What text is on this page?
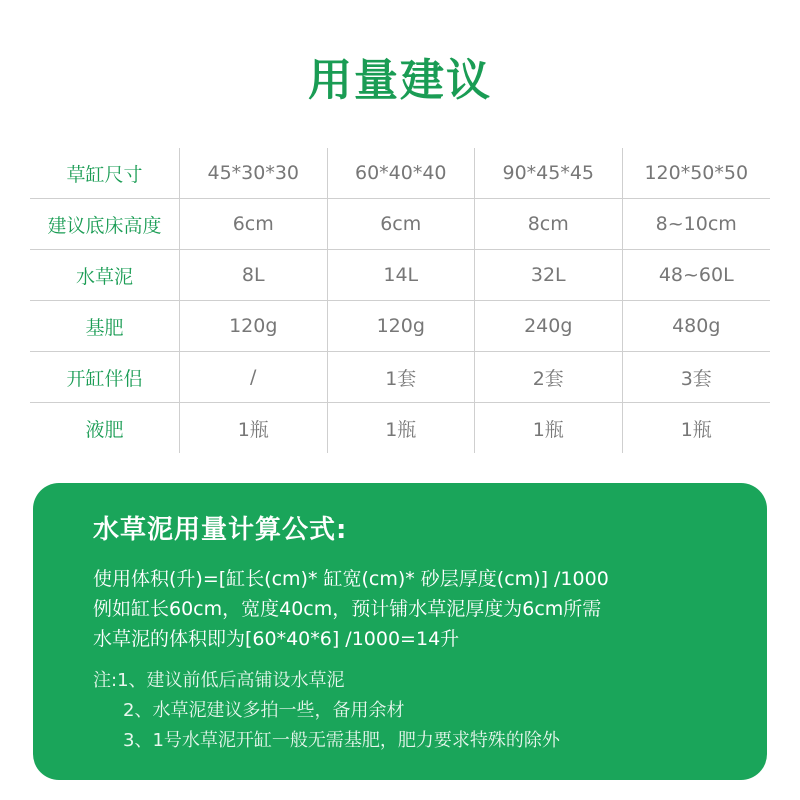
用量建议
草缸尺寸	45*30*30	60*40*40	90*45*45	120*50*50
建议底床高度	6cm	6cm	8cm	8~10cm
水草泥	8L	14L	32L	48~60L
基肥	120g	120g	240g	480g
开缸伴侣	/	1套	2套	3套
液肥	1瓶	1瓶	1瓶	1瓶
水草泥用量计算公式:
使用体积(升)=[缸长(cm)* 缸宽(cm)* 砂层厚度(cm)] /1000
例如缸长60cm，宽度40cm，预计铺水草泥厚度为6cm所需
水草泥的体积即为[60*40*6] /1000=14升
注:1、建议前低后高铺设水草泥
2、水草泥建议多拍一些，备用余材
3、1号水草泥开缸一般无需基肥，肥力要求特殊的除外
